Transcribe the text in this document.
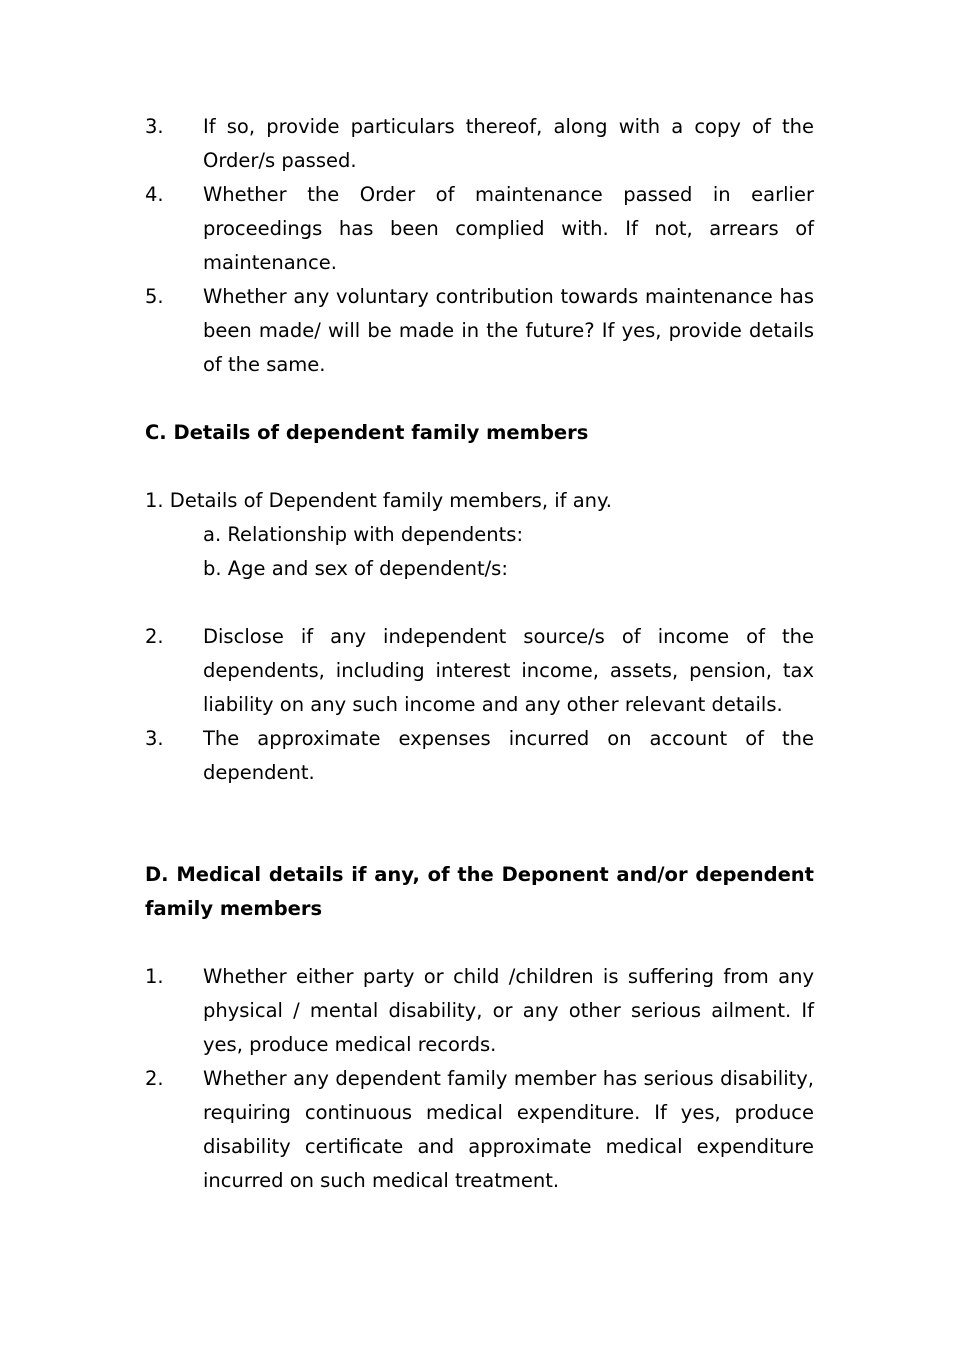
3.	If so, provide particulars thereof, along with a copy of the Order/s passed.
4.	Whether the Order of maintenance passed in earlier proceedings has been complied with. If not, arrears of maintenance.
5.	Whether any voluntary contribution towards maintenance has been made/ will be made in the future? If yes, provide details of the same.
C. Details of dependent family members
1. Details of Dependent family members, if any.
a. Relationship with dependents:
b. Age and sex of dependent/s:
2.	Disclose if any independent source/s of income of the dependents, including interest income, assets, pension, tax liability on any such income and any other relevant details.
3.	The approximate expenses incurred on account of the dependent.
D. Medical details if any, of the Deponent and/or dependent family members
1.	Whether either party or child /children is suffering from any physical / mental disability, or any other serious ailment. If yes, produce medical records.
2.	Whether any dependent family member has serious disability, requiring continuous medical expenditure. If yes, produce disability certificate and approximate medical expenditure incurred on such medical treatment.
